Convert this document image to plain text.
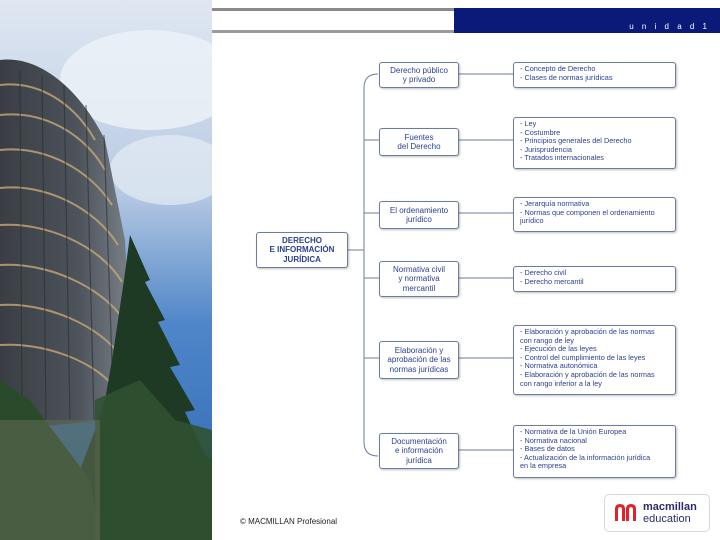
u n i d a d 1
DERECHO
E INFORMACIÓN
JURÍDICA
Derecho público
y privado
Fuentes
del Derecho
El ordenamiento
jurídico
Normativa civil
y normativa
mercantil
Elaboración y
aprobación de las
normas jurídicas
Documentación
e información
jurídica
- Concepto de Derecho
- Clases de normas jurídicas
- Ley
- Costumbre
- Principios generales del Derecho
- Jurisprudencia
- Tratados internacionales
- Jerarquía normativa
- Normas que componen el ordenamiento
jurídico
- Derecho civil
- Derecho mercantil
- Elaboración y aprobación de las normas
con rango de ley
- Ejecución de las leyes
- Control del cumplimiento de las leyes
- Normativa autonómica
- Elaboración y aprobación de las normas
con rango inferior a la ley
- Normativa de la Unión Europea
- Normativa nacional
- Bases de datos
- Actualización de la información jurídica
en la empresa
© MACMILLAN Profesional
macmillan
education
